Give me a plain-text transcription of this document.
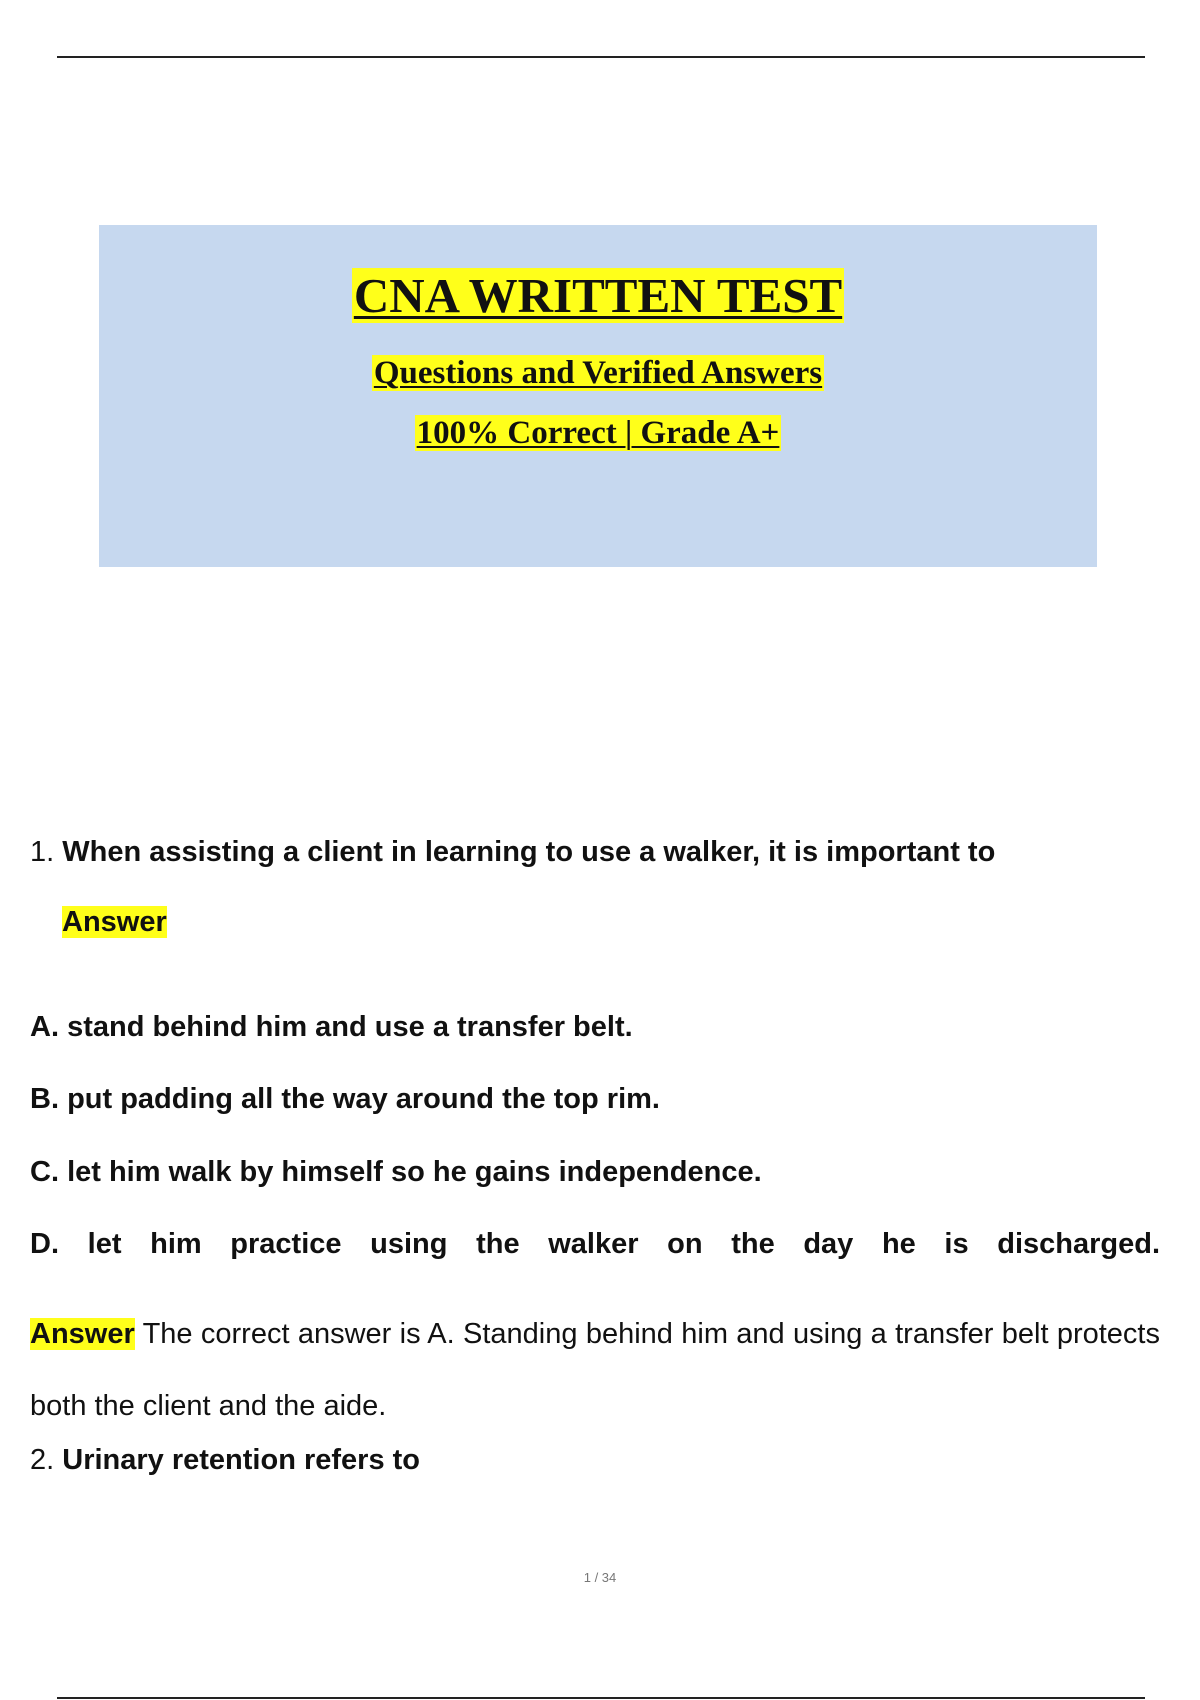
CNA WRITTEN TEST
Questions and Verified Answers
100% Correct | Grade A+
1. When assisting a client in learning to use a walker, it is important to
Answer
A. stand behind him and use a transfer belt.
B. put padding all the way around the top rim.
C. let him walk by himself so he gains independence.
D. let him practice using the walker on the day he is discharged.
Answer The correct answer is A. Standing behind him and using a transfer belt protects both the client and the aide.
2. Urinary retention refers to
1 / 34
